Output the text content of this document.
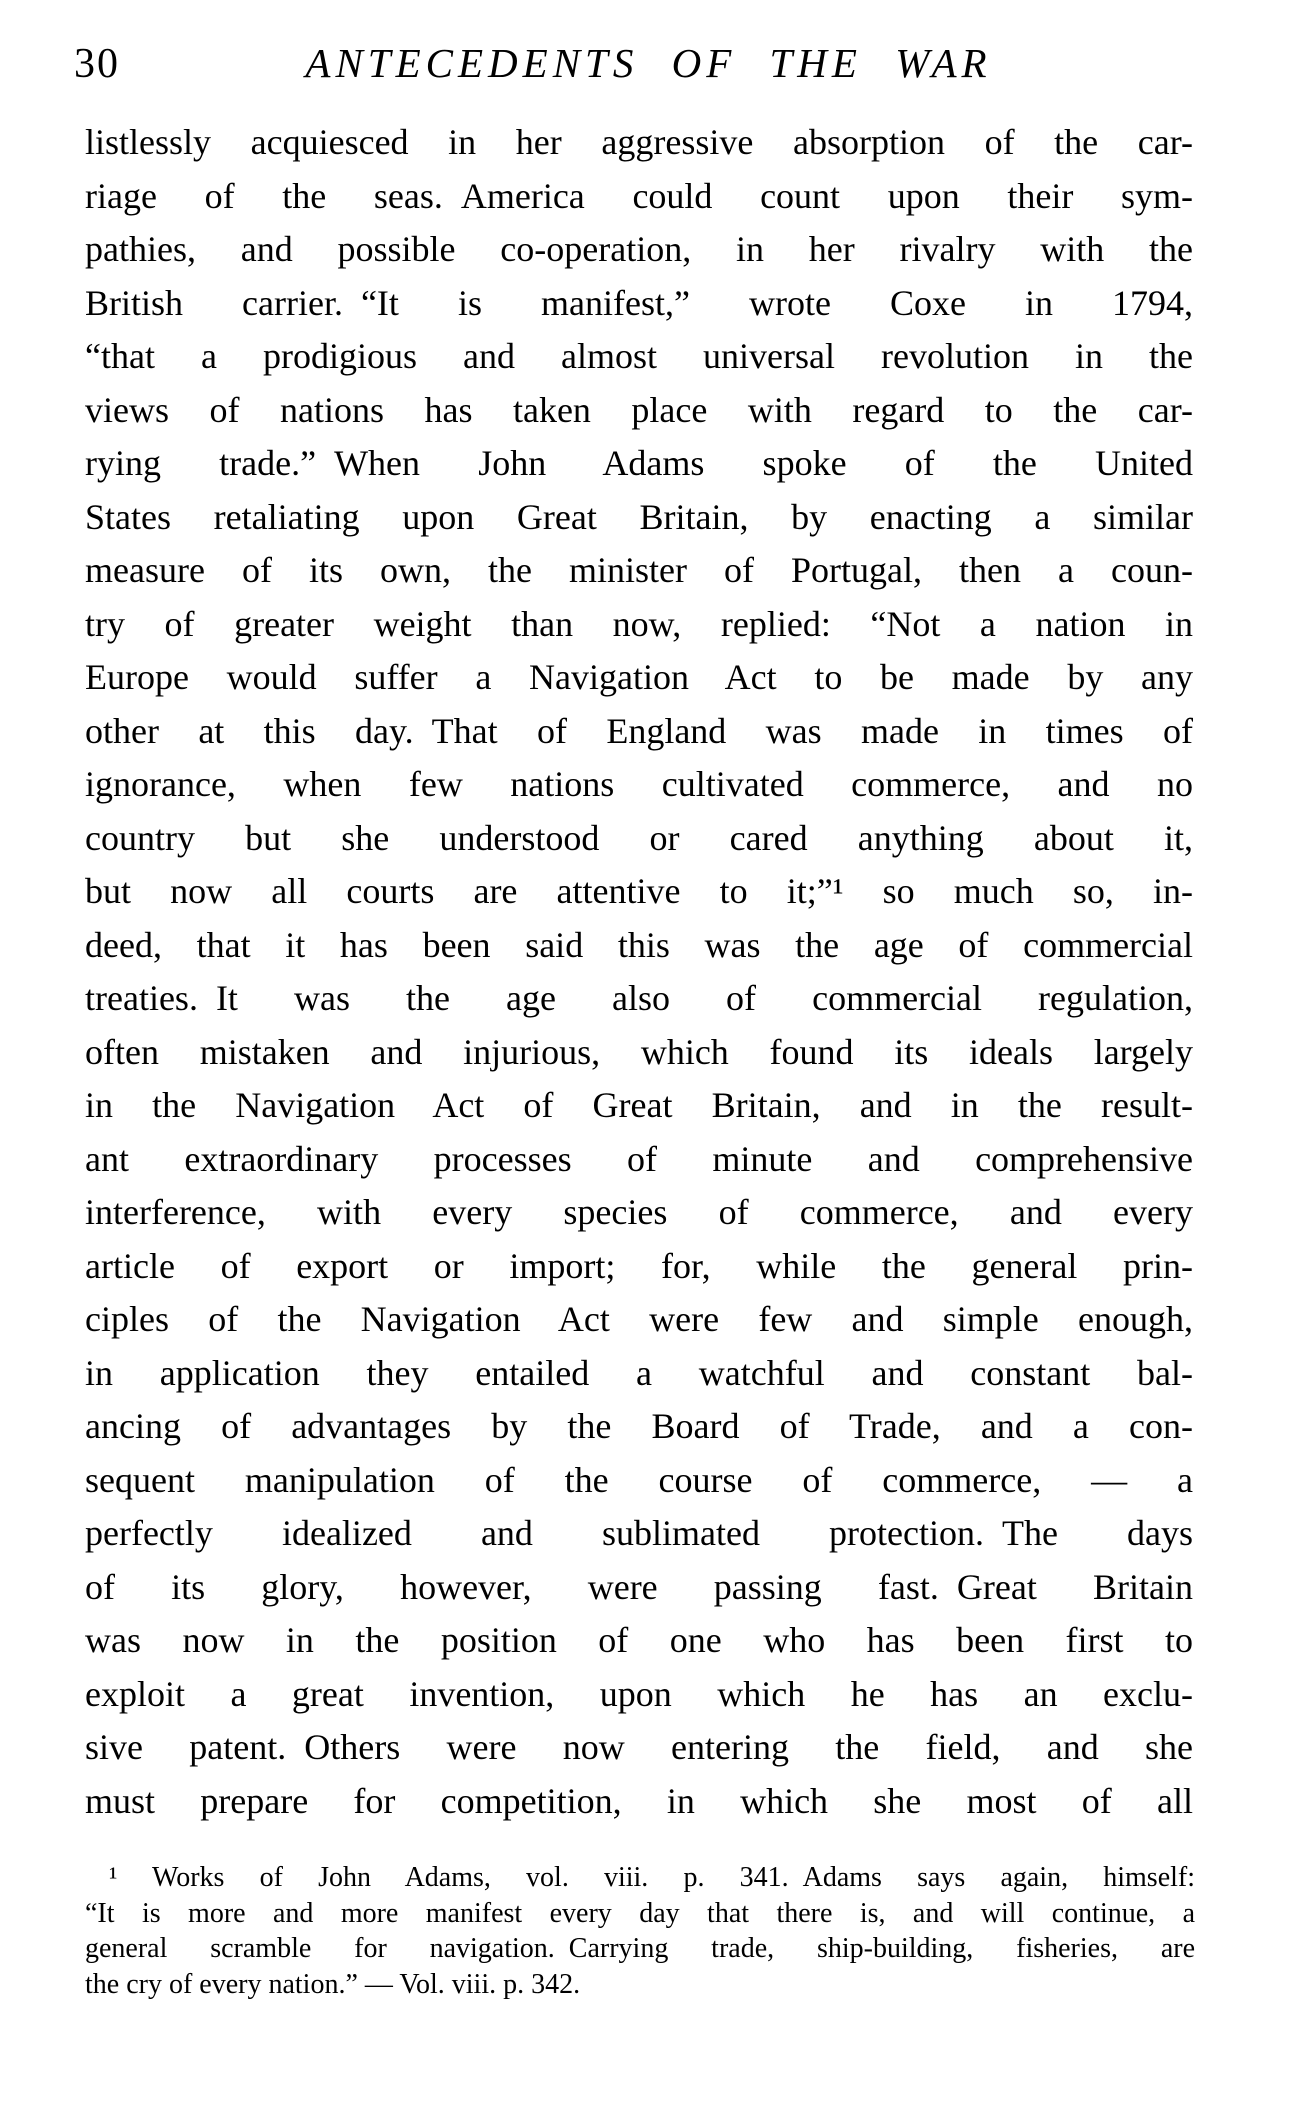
30	ANTECEDENTS OF THE WAR
listlessly acquiesced in her aggressive absorption of the car-
riage of the seas. America could count upon their sym-
pathies, and possible co-operation, in her rivalry with the
British carrier. “It is manifest,” wrote Coxe in 1794,
“that a prodigious and almost universal revolution in the
views of nations has taken place with regard to the car-
rying trade.” When John Adams spoke of the United
States retaliating upon Great Britain, by enacting a similar
measure of its own, the minister of Portugal, then a coun-
try of greater weight than now, replied: “Not a nation in
Europe would suffer a Navigation Act to be made by any
other at this day. That of England was made in times of
ignorance, when few nations cultivated commerce, and no
country but she understood or cared anything about it,
but now all courts are attentive to it;”¹ so much so, in-
deed, that it has been said this was the age of commercial
treaties. It was the age also of commercial regulation,
often mistaken and injurious, which found its ideals largely
in the Navigation Act of Great Britain, and in the result-
ant extraordinary processes of minute and comprehensive
interference, with every species of commerce, and every
article of export or import; for, while the general prin-
ciples of the Navigation Act were few and simple enough,
in application they entailed a watchful and constant bal-
ancing of advantages by the Board of Trade, and a con-
sequent manipulation of the course of commerce, — a
perfectly idealized and sublimated protection. The days
of its glory, however, were passing fast. Great Britain
was now in the position of one who has been first to
exploit a great invention, upon which he has an exclu-
sive patent. Others were now entering the field, and she
must prepare for competition, in which she most of all
¹ Works of John Adams, vol. viii. p. 341. Adams says again, himself:
“It is more and more manifest every day that there is, and will continue, a
general scramble for navigation. Carrying trade, ship-building, fisheries, are
the cry of every nation.” — Vol. viii. p. 342.
